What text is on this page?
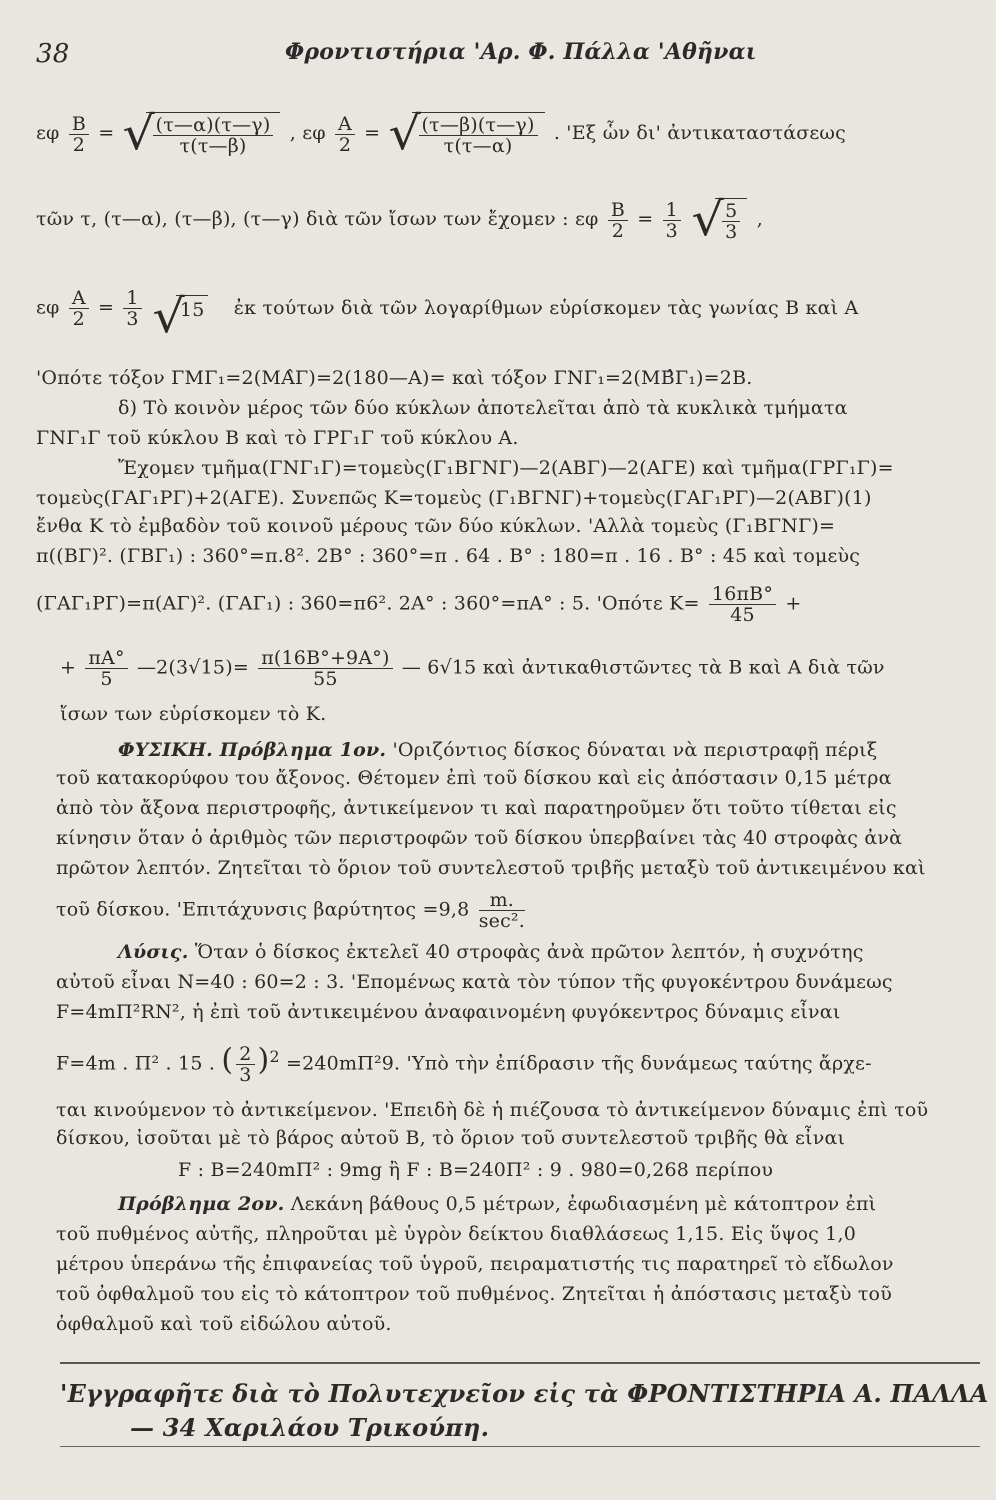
38	Φροντιστήρια 'Αρ. Φ. Πάλλα 'Αθῆναι
εφ $\frac{B}{2}$ = √
$\frac{(\tau—\alpha)(\tau—\gamma)}{\tau(\tau—\beta)}$ , εφ $\frac{A}{2}$ = √
$\frac{(\tau—\beta)(\tau—\gamma)}{\tau(\tau—\alpha)}$ . 'Εξ ὧν δι' ἀντικαταστάσεως
τῶν τ, (τ—α), (τ—β), (τ—γ) διὰ τῶν ἴσων των ἔχομεν : εφ $\frac{B}{2} = \frac{1}{3}$
√
$\frac{5}{3}$ ,
εφ $\frac{A}{2} = \frac{1}{3}$
√
15 ἐκ τούτων διὰ τῶν λογαρίθμων εὑρίσκομεν τὰς γωνίας Β καὶ Α
'Οπότε τόξον ΓΜΓ₁=2(ΜΑ̂Γ)=2(180—Α)= καὶ τόξον ΓΝΓ₁=2(ΜΒ̂Γ₁)=2Β.
δ) Τὸ κοινὸν μέρος τῶν δύο κύκλων ἀποτελεῖται ἀπὸ τὰ κυκλικὰ τμήματα
ΓΝΓ₁Γ τοῦ κύκλου Β καὶ τὸ ΓΡΓ₁Γ τοῦ κύκλου Α.
Ἔχομεν τμῆμα(ΓΝΓ₁Γ)=τομεὺς(Γ₁ΒΓΝΓ)—2(ΑΒΓ)—2(ΑΓΕ) καὶ τμῆμα(ΓΡΓ₁Γ)=
τομεὺς(ΓΑΓ₁ΡΓ)+2(ΑΓΕ). Συνεπῶς Κ=τομεὺς (Γ₁ΒΓΝΓ)+τομεὺς(ΓΑΓ₁ΡΓ)—2(ΑΒΓ)(1)
ἔνθα Κ τὸ ἐμβαδὸν τοῦ κοινοῦ μέρους τῶν δύο κύκλων. 'Αλλὰ τομεὺς (Γ₁ΒΓΝΓ)=
π((ΒΓ)². (ΓΒΓ₁) : 360°=π.8². 2Β° : 360°=π . 64 . Β° : 180=π . 16 . Β° : 45 καὶ τομεὺς
(ΓΑΓ₁ΡΓ)=π(ΑΓ)². (ΓΑΓ₁) : 360=π6². 2Α° : 360°=πΑ° : 5. 'Οπότε $K= \frac{16\pi B^\circ}{45}$ +
+ $\frac{\pi A^\circ}{5}$ —2(3√15)= $\frac{\pi(16B^\circ+9A^\circ)}{55}$ — 6√15 καὶ ἀντικαθιστῶντες τὰ Β καὶ Α διὰ τῶν
ἴσων των εὑρίσκομεν τὸ Κ.
ΦΥΣΙΚΗ. Πρόβλημα 1ον. 'Οριζόντιος δίσκος δύναται νὰ περιστραφῇ πέριξ
τοῦ κατακορύφου του ἄξονος. Θέτομεν ἐπὶ τοῦ δίσκου καὶ εἰς ἀπόστασιν 0,15 μέτρα
ἀπὸ τὸν ἄξονα περιστροφῆς, ἀντικείμενον τι καὶ παρατηροῦμεν ὅτι τοῦτο τίθεται εἰς
κίνησιν ὅταν ὁ ἀριθμὸς τῶν περιστροφῶν τοῦ δίσκου ὑπερβαίνει τὰς 40 στροφὰς ἀνὰ
πρῶτον λεπτόν. Ζητεῖται τὸ ὅριον τοῦ συντελεστοῦ τριβῆς μεταξὺ τοῦ ἀντικειμένου καὶ
τοῦ δίσκου. 'Επιτάχυνσις $\beta\alpha\rho ύ\tau\eta\tau o\varsigma =9,8 \frac{m.}{\text{sec².}}$
Λύσις. Ὅταν ὁ δίσκος ἐκτελεῖ 40 στροφὰς ἀνὰ πρῶτον λεπτόν, ἡ συχνότης
αὐτοῦ εἶναι Ν=40 : 60=2 : 3. 'Επομένως κατὰ τὸν τύπον τῆς φυγοκέντρου δυνάμεως
F=4mΠ²RΝ², ἡ ἐπὶ τοῦ ἀντικειμένου ἀναφαινομένη φυγόκεντρος δύναμις εἶναι
F=4m . Π² . 15 . ( $\frac{2}{3} )^2 =240m\Pi^29$. 'Υπὸ τὴν ἐπίδρασιν τῆς δυνάμεως ταύτης ἄρχε-
ται κινούμενον τὸ ἀντικείμενον. 'Επειδὴ δὲ ἡ πιέζουσα τὸ ἀντικείμενον δύναμις ἐπὶ τοῦ
δίσκου, ἰσοῦται μὲ τὸ βάρος αὐτοῦ Β, τὸ ὅριον τοῦ συντελεστοῦ τριβῆς θὰ εἶναι
F : Β=240mΠ² : 9mg ἢ F : Β=240Π² : 9 . 980=0,268 περίπου
Πρόβλημα 2ον. Λεκάνη βάθους 0,5 μέτρων, ἐφωδιασμένη μὲ κάτοπτρον ἐπὶ
τοῦ πυθμένος αὐτῆς, πληροῦται μὲ ὑγρὸν δείκτου διαθλάσεως 1,15. Εἰς ὕψος 1,0
μέτρου ὑπεράνω τῆς ἐπιφανείας τοῦ ὑγροῦ, πειραματιστής τις παρατηρεῖ τὸ εἴδωλον
τοῦ ὀφθαλμοῦ του εἰς τὸ κάτοπτρον τοῦ πυθμένος. Ζητεῖται ἡ ἀπόστασις μεταξὺ τοῦ
ὀφθαλμοῦ καὶ τοῦ εἰδώλου αὐτοῦ.
'Εγγραφῆτε διὰ τὸ Πολυτεχνεῖον εἰς τὰ ΦΡΟΝΤΙΣΤΗΡΙΑ Α. ΠΑΛΛΑ
— 34 Χαριλάου Τρικούπη.
